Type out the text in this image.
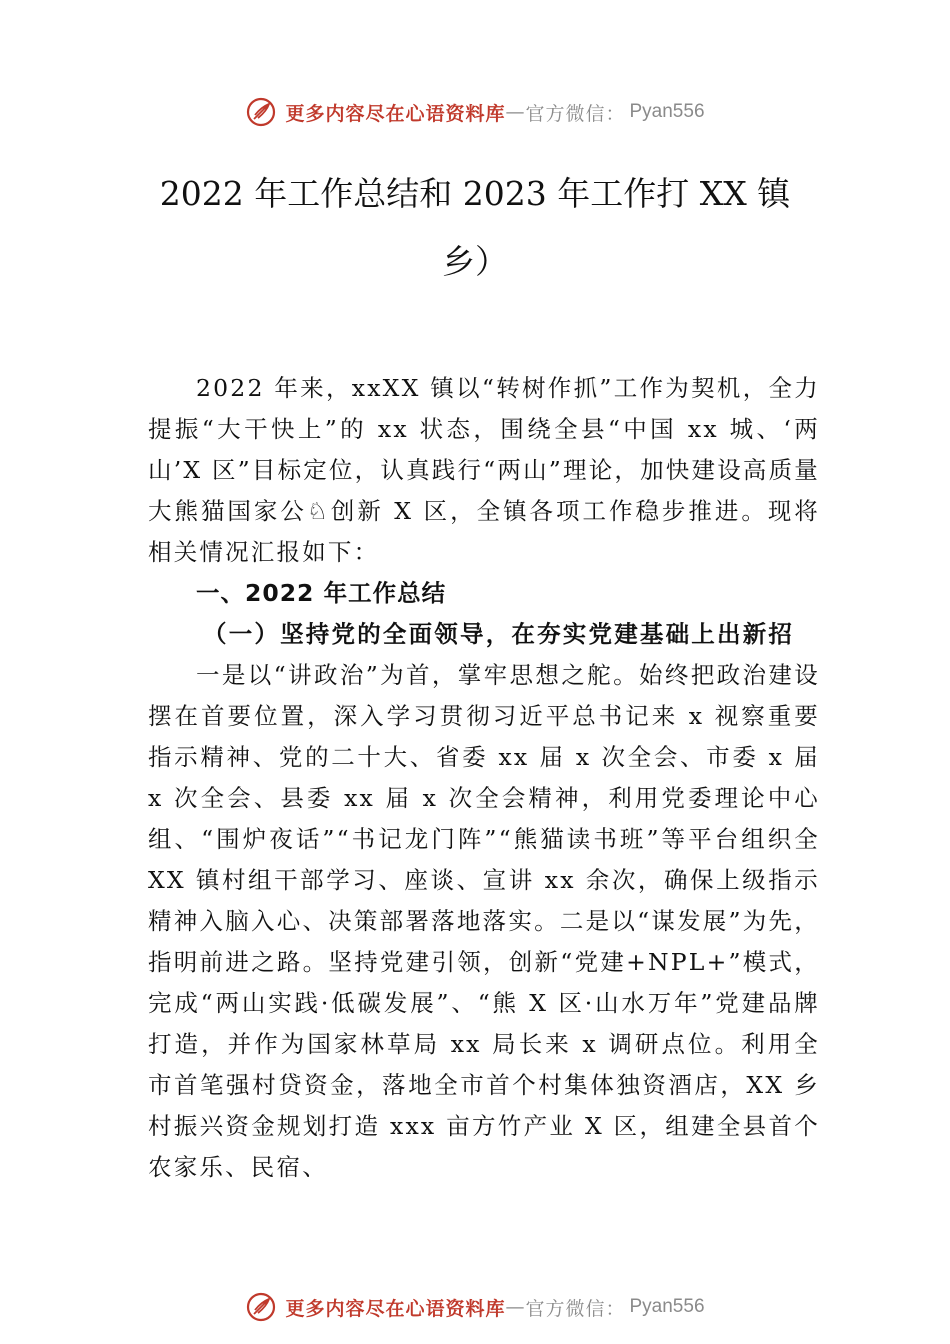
更多内容尽在心语资料库 — 官方微信： Pyan556
2022 年工作总结和 2023 年工作打 XX 镇
乡）

2022 年来，xxXX 镇以“转树作抓”工作为契机，全力提振“大干快上”的 xx 状态，围绕全县“中国 xx 城、‘两山’X 区”目标定位，认真践行“两山”理论，加快建设高质量大熊猫国家公♘创新 X 区，全镇各项工作稳步推进。现将相关情况汇报如下：

一、2022 年工作总结

（一）坚持党的全面领导，在夯实党建基础上出新招

一是以“讲政治”为首，掌牢思想之舵。始终把政治建设摆在首要位置，深入学习贯彻习近平总书记来 x 视察重要指示精神、党的二十大、省委 xx 届 x 次全会、市委 x 届 x 次全会、县委 xx 届 x 次全会精神，利用党委理论中心组、“围炉夜话”“书记龙门阵”“熊猫读书班”等平台组织全 XX 镇村组干部学习、座谈、宣讲 xx 余次，确保上级指示精神入脑入心、决策部署落地落实。二是以“谋发展”为先，指明前进之路。坚持党建引领，创新“党建+NPL+”模式，完成“两山实践·低碳发展”、“熊 X 区·山水万年”党建品牌打造，并作为国家林草局 xx 局长来 x 调研点位。利用全市首笔强村贷资金，落地全市首个村集体独资酒店，XX 乡村振兴资金规划打造 xxx 亩方竹产业 X 区，组建全县首个农家乐、民宿、

更多内容尽在心语资料库 — 官方微信： Pyan556
